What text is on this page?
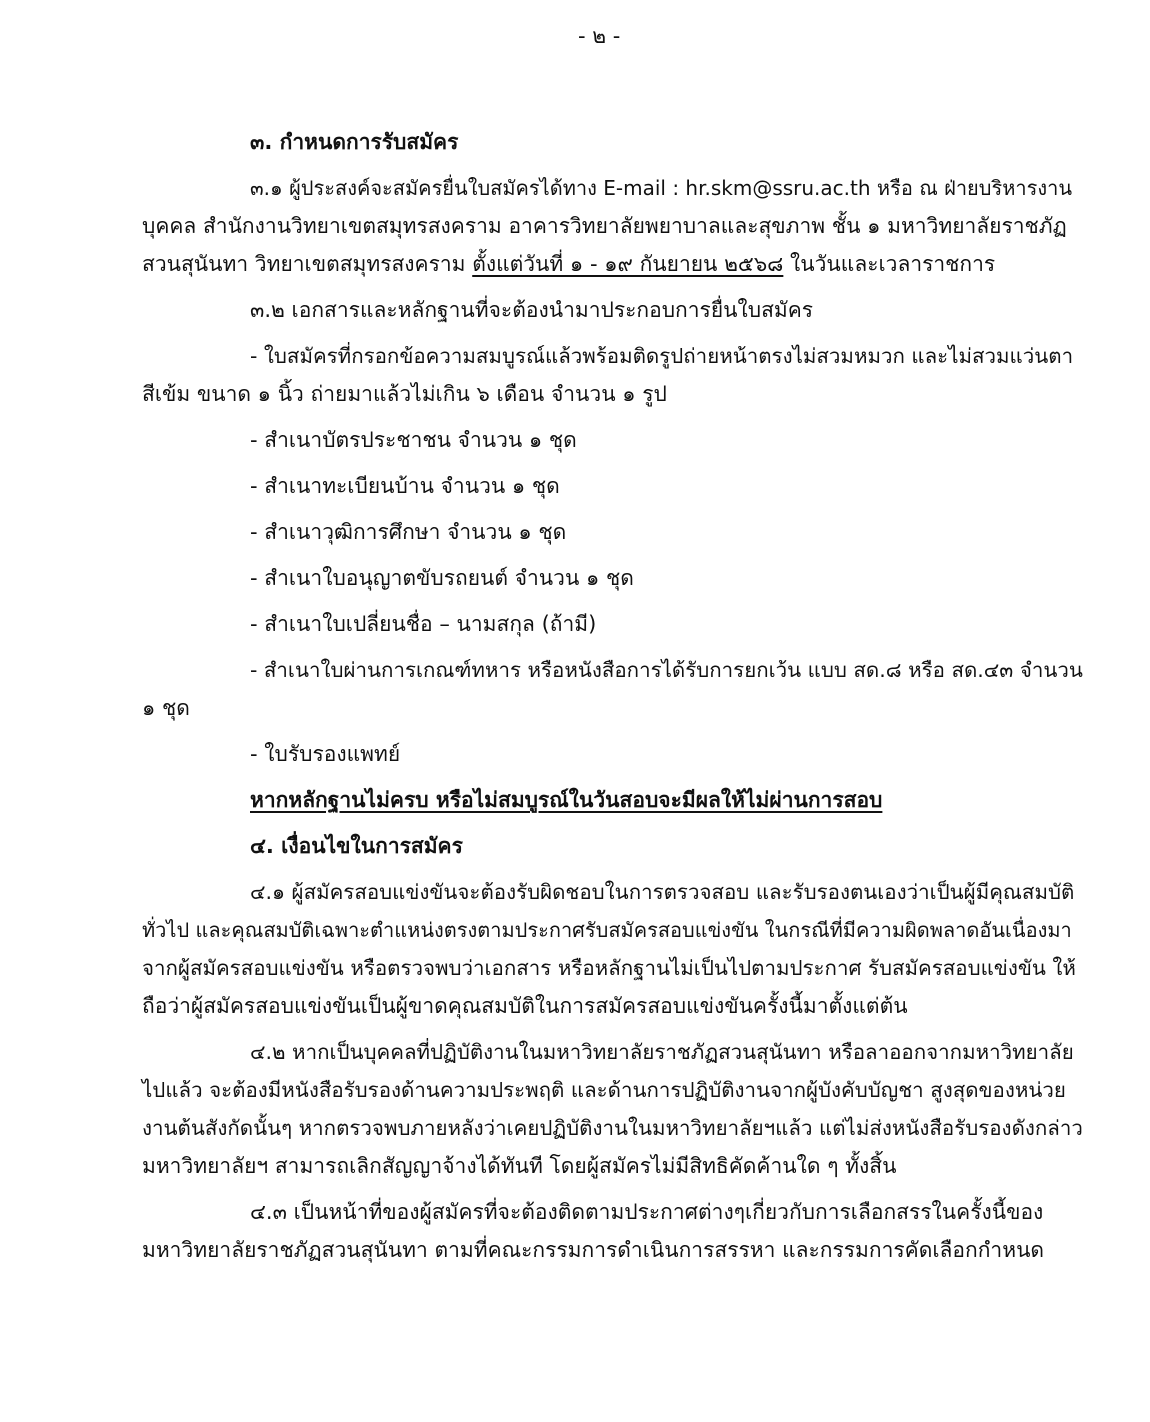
- ๒ -
๓. กำหนดการรับสมัคร
๓.๑ ผู้ประสงค์จะสมัครยื่นใบสมัครได้ทาง E-mail : hr.skm@ssru.ac.th หรือ ณ ฝ่ายบริหารงาน
บุคคล สำนักงานวิทยาเขตสมุทรสงคราม อาคารวิทยาลัยพยาบาลและสุขภาพ ชั้น ๑ มหาวิทยาลัยราชภัฏ
สวนสุนันทา วิทยาเขตสมุทรสงคราม ตั้งแต่วันที่ ๑ - ๑๙ กันยายน ๒๕๖๘ ในวันและเวลาราชการ
๓.๒ เอกสารและหลักฐานที่จะต้องนำมาประกอบการยื่นใบสมัคร
- ใบสมัครที่กรอกข้อความสมบูรณ์แล้วพร้อมติดรูปถ่ายหน้าตรงไม่สวมหมวก และไม่สวมแว่นตา
สีเข้ม ขนาด ๑ นิ้ว ถ่ายมาแล้วไม่เกิน ๖ เดือน จำนวน ๑ รูป
- สำเนาบัตรประชาชน จำนวน ๑ ชุด
- สำเนาทะเบียนบ้าน จำนวน ๑ ชุด
- สำเนาวุฒิการศึกษา จำนวน ๑ ชุด
- สำเนาใบอนุญาตขับรถยนต์ จำนวน ๑ ชุด
- สำเนาใบเปลี่ยนชื่อ – นามสกุล (ถ้ามี)
- สำเนาใบผ่านการเกณฑ์ทหาร หรือหนังสือการได้รับการยกเว้น แบบ สด.๘ หรือ สด.๔๓ จำนวน
๑ ชุด
- ใบรับรองแพทย์
หากหลักฐานไม่ครบ หรือไม่สมบูรณ์ในวันสอบจะมีผลให้ไม่ผ่านการสอบ
๔. เงื่อนไขในการสมัคร
๔.๑ ผู้สมัครสอบแข่งขันจะต้องรับผิดชอบในการตรวจสอบ และรับรองตนเองว่าเป็นผู้มีคุณสมบัติ
ทั่วไป และคุณสมบัติเฉพาะตำแหน่งตรงตามประกาศรับสมัครสอบแข่งขัน ในกรณีที่มีความผิดพลาดอันเนื่องมา
จากผู้สมัครสอบแข่งขัน หรือตรวจพบว่าเอกสาร หรือหลักฐานไม่เป็นไปตามประกาศ รับสมัครสอบแข่งขัน ให้
ถือว่าผู้สมัครสอบแข่งขันเป็นผู้ขาดคุณสมบัติในการสมัครสอบแข่งขันครั้งนี้มาตั้งแต่ต้น
๔.๒ หากเป็นบุคคลที่ปฏิบัติงานในมหาวิทยาลัยราชภัฏสวนสุนันทา หรือลาออกจากมหาวิทยาลัย
ไปแล้ว จะต้องมีหนังสือรับรองด้านความประพฤติ และด้านการปฏิบัติงานจากผู้บังคับบัญชา สูงสุดของหน่วย
งานต้นสังกัดนั้นๆ หากตรวจพบภายหลังว่าเคยปฏิบัติงานในมหาวิทยาลัยฯแล้ว แต่ไม่ส่งหนังสือรับรองดังกล่าว
มหาวิทยาลัยฯ สามารถเลิกสัญญาจ้างได้ทันที โดยผู้สมัครไม่มีสิทธิคัดค้านใด ๆ ทั้งสิ้น
๔.๓ เป็นหน้าที่ของผู้สมัครที่จะต้องติดตามประกาศต่างๆเกี่ยวกับการเลือกสรรในครั้งนี้ของ
มหาวิทยาลัยราชภัฏสวนสุนันทา ตามที่คณะกรรมการดำเนินการสรรหา และกรรมการคัดเลือกกำหนด
